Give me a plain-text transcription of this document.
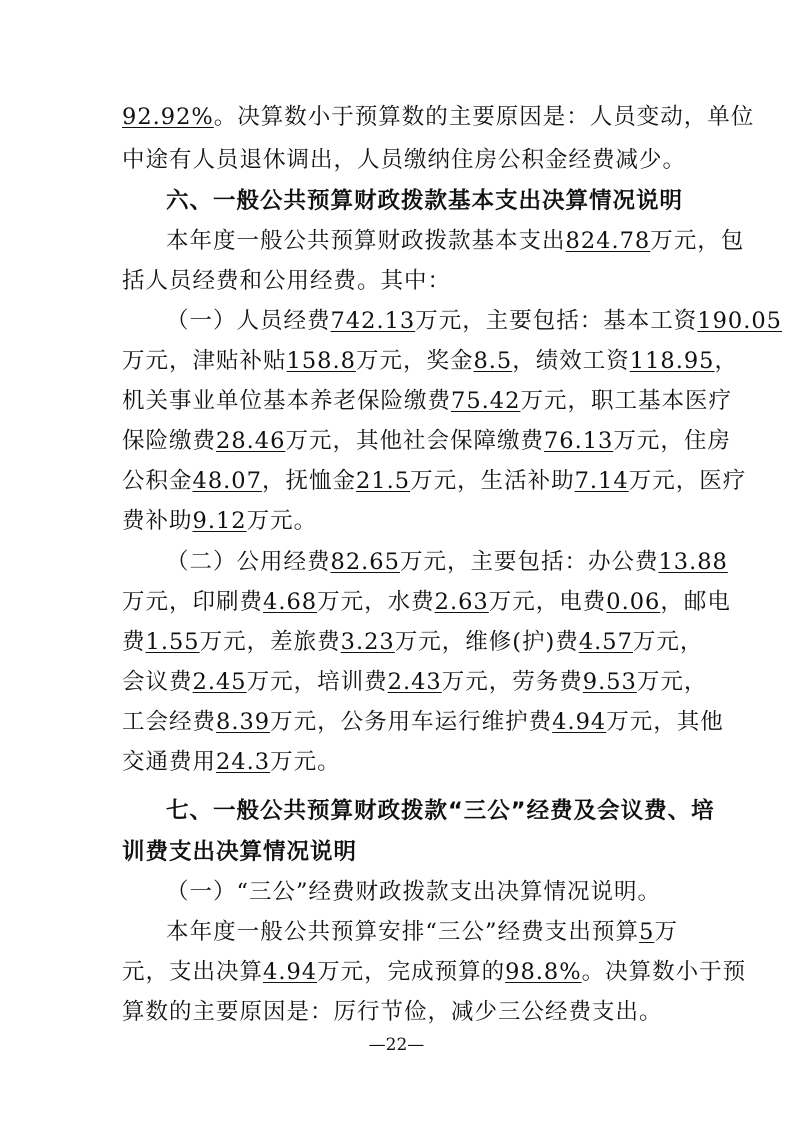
92.92%。决算数小于预算数的主要原因是：人员变动，单位
中途有人员退休调出，人员缴纳住房公积金经费减少。
六、一般公共预算财政拨款基本支出决算情况说明
本年度一般公共预算财政拨款基本支出824.78万元，包
括人员经费和公用经费。其中：
（一）人员经费742.13万元，主要包括：基本工资190.05
万元，津贴补贴158.8万元，奖金8.5，绩效工资118.95，
机关事业单位基本养老保险缴费75.42万元，职工基本医疗
保险缴费28.46万元，其他社会保障缴费76.13万元，住房
公积金48.07，抚恤金21.5万元，生活补助7.14万元，医疗
费补助9.12万元。
（二）公用经费82.65万元，主要包括：办公费13.88
万元，印刷费4.68万元，水费2.63万元，电费0.06，邮电
费1.55万元，差旅费3.23万元，维修(护)费4.57万元，
会议费2.45万元，培训费2.43万元，劳务费9.53万元，
工会经费8.39万元，公务用车运行维护费4.94万元，其他
交通费用24.3万元。
七、一般公共预算财政拨款“三公”经费及会议费、培
训费支出决算情况说明
（一）“三公”经费财政拨款支出决算情况说明。
本年度一般公共预算安排“三公”经费支出预算5万
元，支出决算4.94万元，完成预算的98.8%。决算数小于预
算数的主要原因是：厉行节俭，减少三公经费支出。
—22—
